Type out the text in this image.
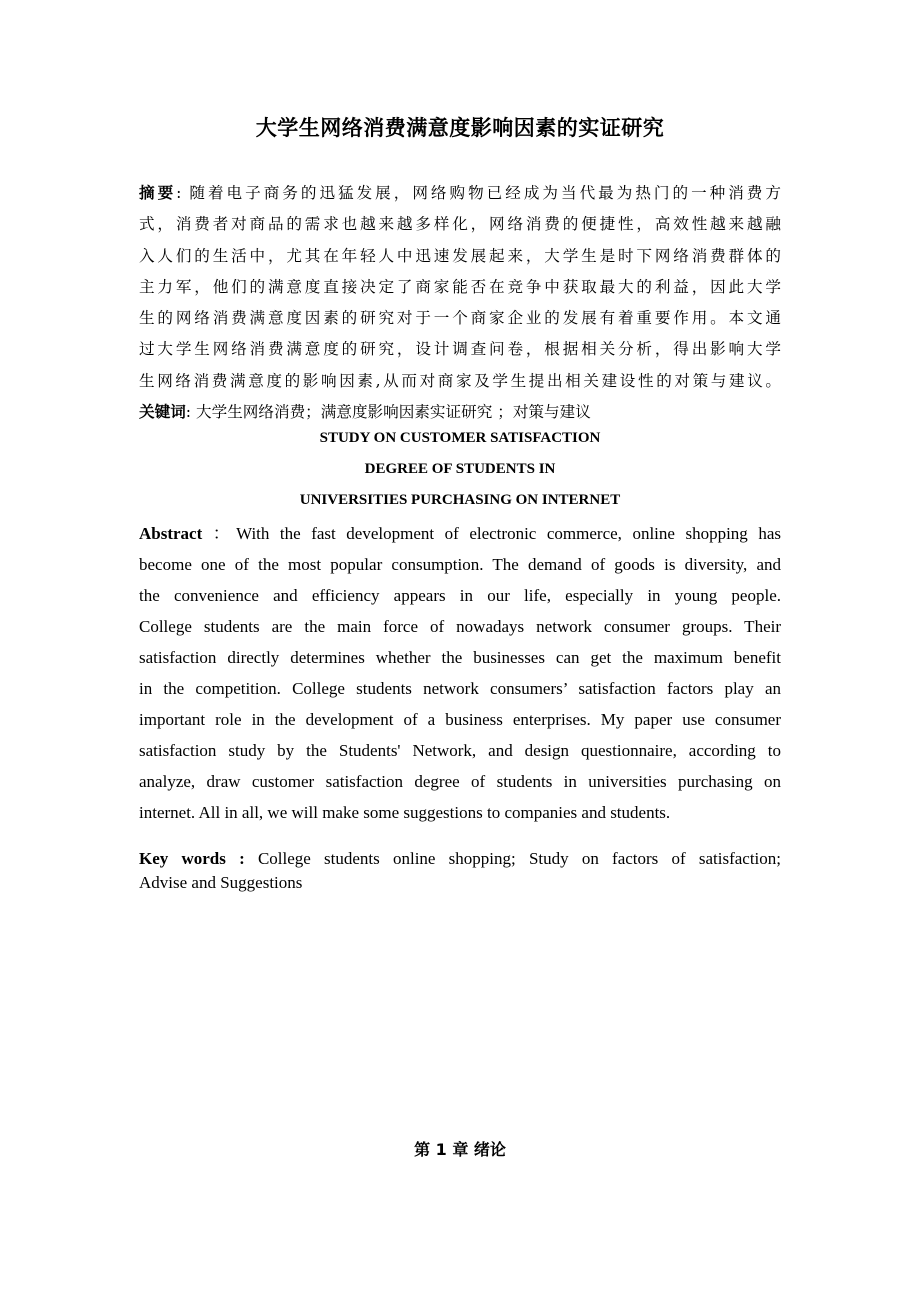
大学生网络消费满意度影响因素的实证研究
摘要: 随着电子商务的迅猛发展，网络购物已经成为当代最为热门的一种消费方
式，消费者对商品的需求也越来越多样化，网络消费的便捷性，高效性越来越融
入人们的生活中，尤其在年轻人中迅速发展起来，大学生是时下网络消费群体的
主力军，他们的满意度直接决定了商家能否在竞争中获取最大的利益，因此大学
生的网络消费满意度因素的研究对于一个商家企业的发展有着重要作用。本文通
过大学生网络消费满意度的研究，设计调查问卷，根据相关分析，得出影响大学
生网络消费满意度的影响因素,从而对商家及学生提出相关建设性的对策与建议。
关键词: 大学生网络消费；满意度影响因素实证研究 ；对策与建议
STUDY ON CUSTOMER SATISFACTION
DEGREE OF STUDENTS IN
UNIVERSITIES PURCHASING ON INTERNET
Abstract ：With the fast development of electronic commerce, online shopping has
become one of the most popular consumption. The demand of goods is diversity, and
the convenience and efficiency appears in our life, especially in young people.
College students are the main force of nowadays network consumer groups. Their
satisfaction directly determines whether the businesses can get the maximum benefit
in the competition. College students network consumers’ satisfaction factors play an
important role in the development of a business enterprises. My paper use consumer
satisfaction study by the Students' Network, and design questionnaire, according to
analyze, draw customer satisfaction degree of students in universities purchasing on
internet. All in all, we will make some suggestions to companies and students.
Key words : College students online shopping; Study on factors of satisfaction;
Advise and Suggestions
第 1 章 绪论
